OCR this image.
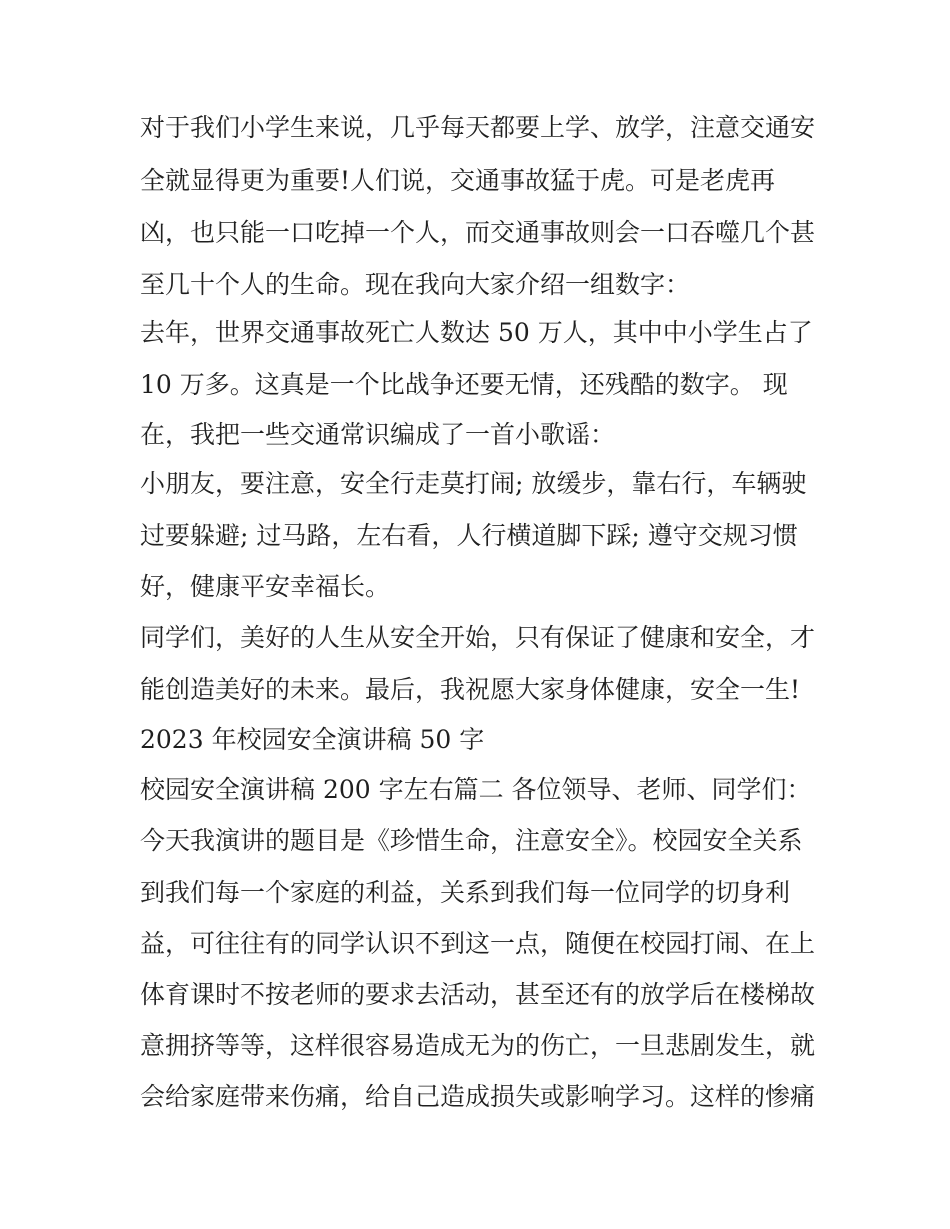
对于我们小学生来说，几乎每天都要上学、放学，注意交通安

全就显得更为重要!人们说，交通事故猛于虎。可是老虎再

凶，也只能一口吃掉一个人，而交通事故则会一口吞噬几个甚

至几十个人的生命。现在我向大家介绍一组数字：

去年，世界交通事故死亡人数达 50 万人，其中中小学生占了

10 万多。这真是一个比战争还要无情，还残酷的数字。 现

在，我把一些交通常识编成了一首小歌谣：

小朋友，要注意，安全行走莫打闹; 放缓步，靠右行，车辆驶

过要躲避; 过马路，左右看，人行横道脚下踩; 遵守交规习惯

好，健康平安幸福长。

同学们，美好的人生从安全开始，只有保证了健康和安全，才

能创造美好的未来。最后，我祝愿大家身体健康，安全一生!

2023 年校园安全演讲稿 50 字

校园安全演讲稿 200 字左右篇二 各位领导、老师、同学们：

今天我演讲的题目是《珍惜生命，注意安全》。校园安全关系

到我们每一个家庭的利益，关系到我们每一位同学的切身利

益，可往往有的同学认识不到这一点，随便在校园打闹、在上

体育课时不按老师的要求去活动，甚至还有的放学后在楼梯故

意拥挤等等，这样很容易造成无为的伤亡，一旦悲剧发生，就

会给家庭带来伤痛，给自己造成损失或影响学习。这样的惨痛
